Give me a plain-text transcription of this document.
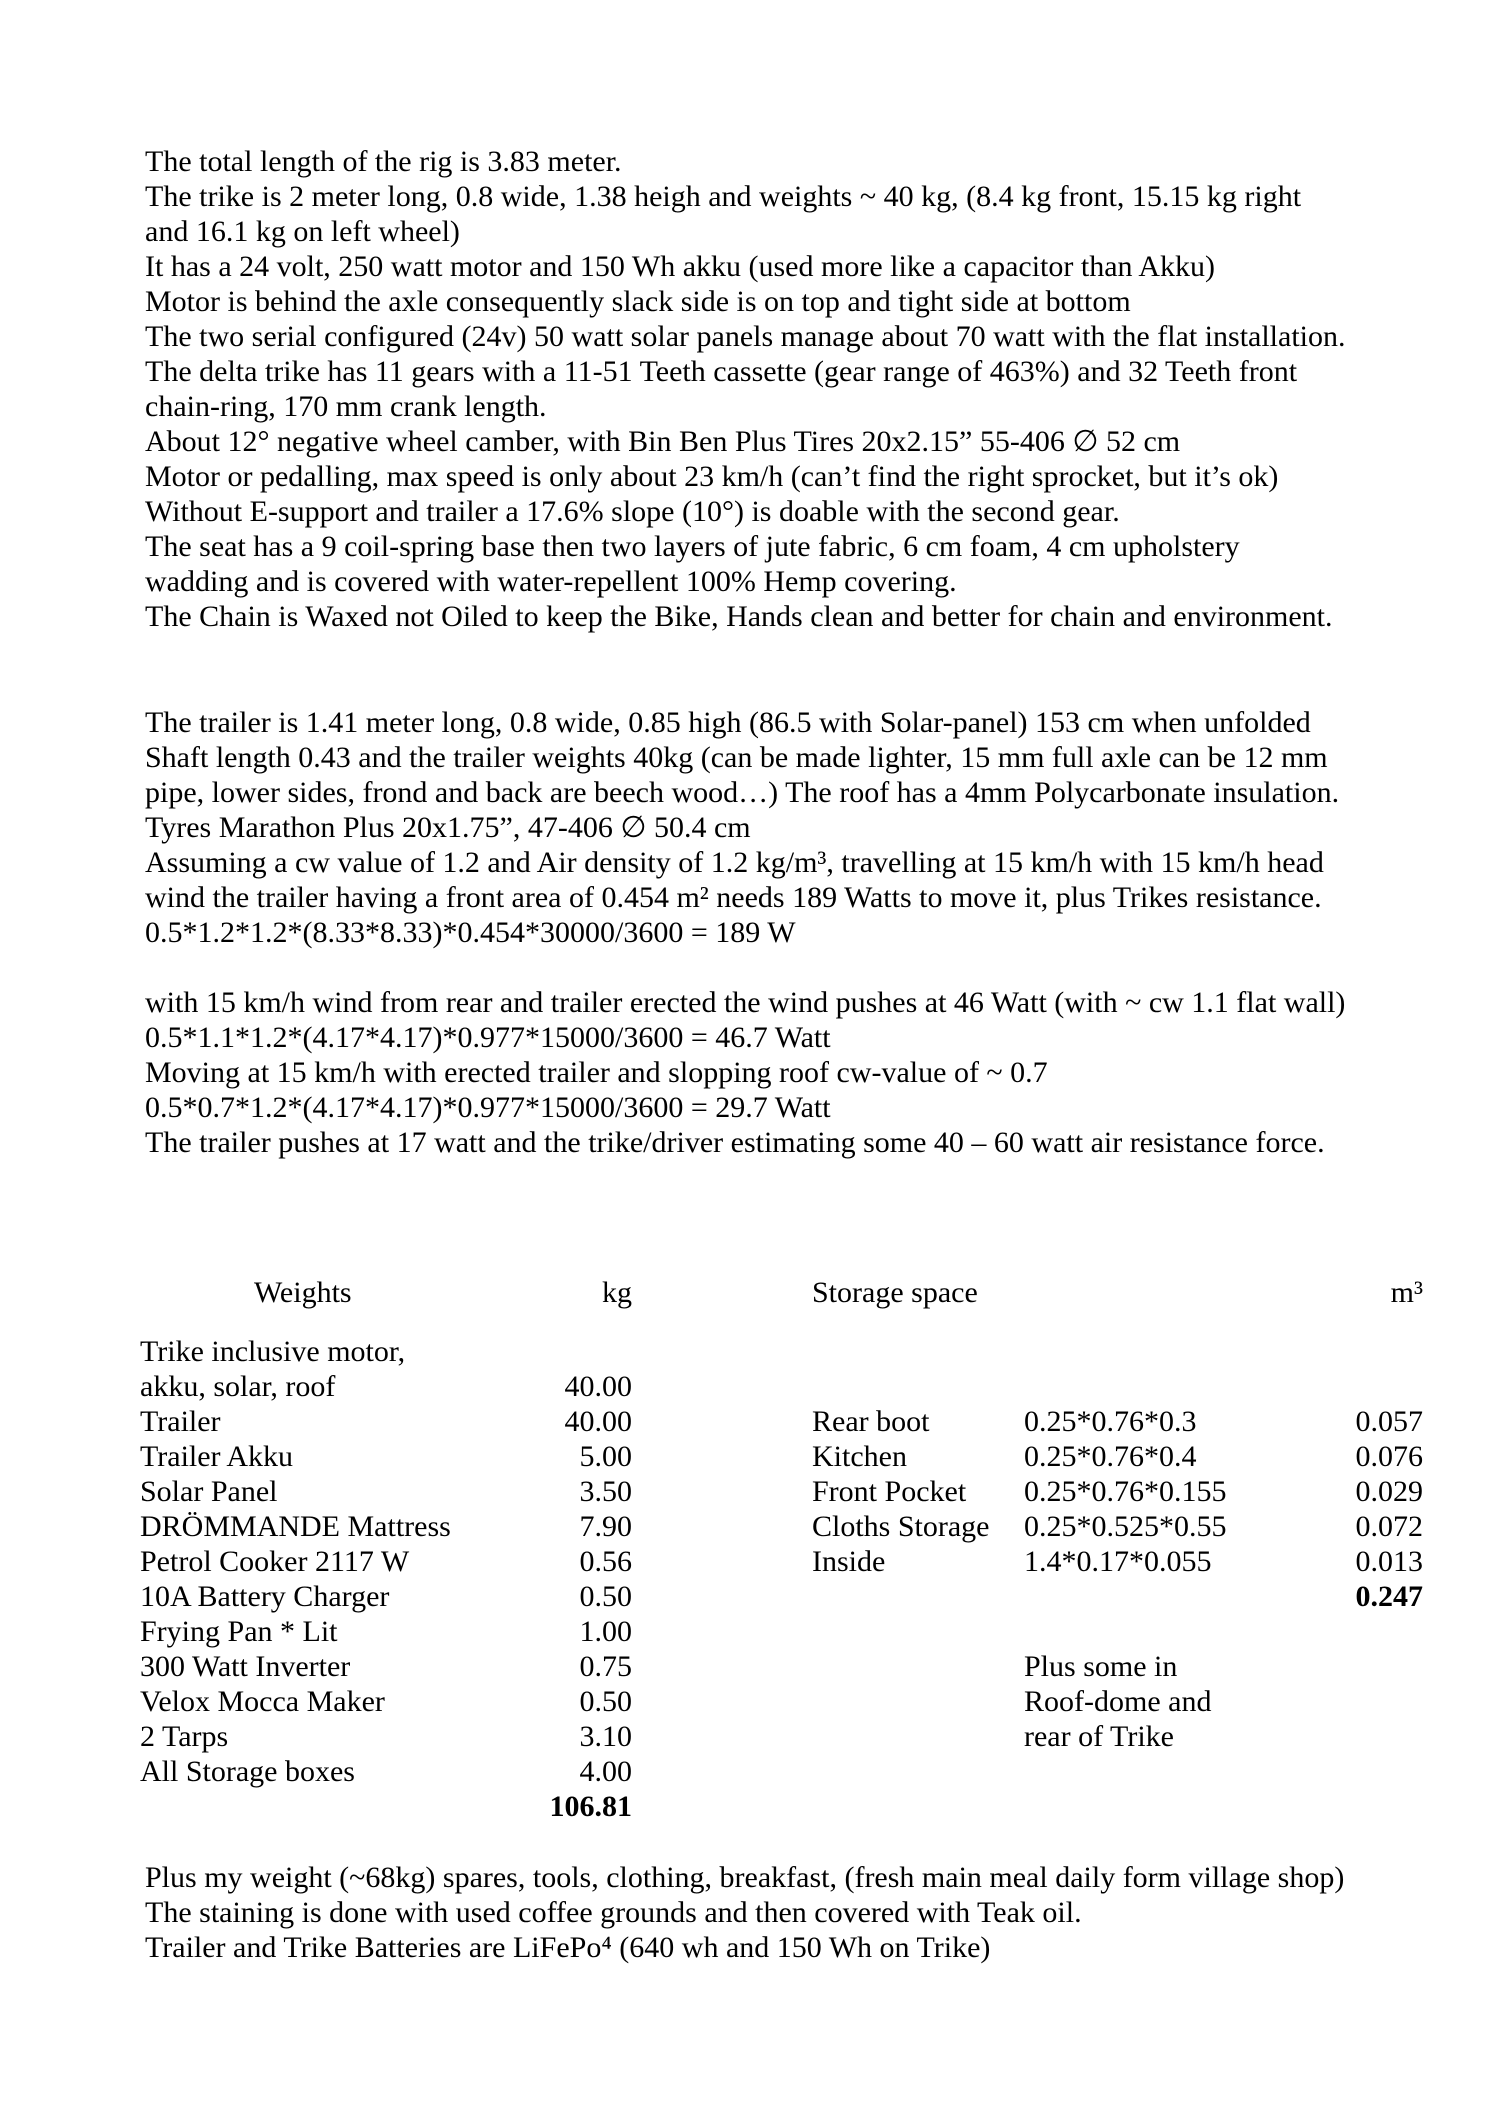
The total length of the rig is 3.83 meter.
The trike is 2 meter long, 0.8 wide, 1.38 heigh and weights ~ 40 kg, (8.4 kg front, 15.15 kg right
and 16.1 kg on left wheel)
It has a 24 volt, 250 watt motor and 150 Wh akku (used more like a capacitor than Akku)
Motor is behind the axle consequently slack side is on top and tight side at bottom
The two serial configured (24v) 50 watt solar panels manage about 70 watt with the flat installation.
The delta trike has 11 gears with a 11-51 Teeth cassette (gear range of 463%) and 32 Teeth front
chain-ring, 170 mm crank length.
About 12° negative wheel camber, with Bin Ben Plus Tires 20x2.15” 55-406 ∅ 52 cm
Motor or pedalling, max speed is only about 23 km/h (can’t find the right sprocket, but it’s ok)
Without E-support and trailer a 17.6% slope (10°) is doable with the second gear.
The seat has a 9 coil-spring base then two layers of jute fabric, 6 cm foam, 4 cm upholstery
wadding and is covered with water-repellent 100% Hemp covering.
The Chain is Waxed not Oiled to keep the Bike, Hands clean and better for chain and environment.
The trailer is 1.41 meter long, 0.8 wide, 0.85 high (86.5 with Solar-panel) 153 cm when unfolded
Shaft length 0.43 and the trailer weights 40kg (can be made lighter, 15 mm full axle can be 12 mm
pipe, lower sides, frond and back are beech wood…) The roof has a 4mm Polycarbonate insulation.
Tyres Marathon Plus 20x1.75”, 47-406 ∅ 50.4 cm
Assuming a cw value of 1.2 and Air density of 1.2 kg/m³, travelling at 15 km/h with 15 km/h head
wind the trailer having a front area of 0.454 m² needs 189 Watts to move it, plus Trikes resistance.
0.5*1.2*1.2*(8.33*8.33)*0.454*30000/3600 = 189 W
with 15 km/h wind from rear and trailer erected the wind pushes at 46 Watt (with ~ cw 1.1 flat wall)
0.5*1.1*1.2*(4.17*4.17)*0.977*15000/3600 = 46.7 Watt
Moving at 15 km/h with erected trailer and slopping roof cw-value of ~ 0.7
0.5*0.7*1.2*(4.17*4.17)*0.977*15000/3600 = 29.7 Watt
The trailer pushes at 17 watt and the trike/driver estimating some 40 – 60 watt air resistance force.
Weights	kg
Trike inclusive motor,
akku, solar, roof	40.00
Trailer	40.00
Trailer Akku	5.00
Solar Panel	3.50
DRÖMMANDE Mattress	7.90
Petrol Cooker 2117 W	0.56
10A Battery Charger	0.50
Frying Pan * Lit	1.00
300 Watt Inverter	0.75
Velox Mocca Maker	0.50
2 Tarps	3.10
All Storage boxes	4.00
106.81
Storage space	m³
Rear boot	0.25*0.76*0.3	0.057
Kitchen	0.25*0.76*0.4	0.076
Front Pocket 0.25*0.76*0.155	0.029
Cloths Storage 0.25*0.525*0.55	0.072
Inside	1.4*0.17*0.055	0.013
0.247
Plus some in
Roof-dome and
rear of Trike
Plus my weight (~68kg) spares, tools, clothing, breakfast, (fresh main meal daily form village shop)
The staining is done with used coffee grounds and then covered with Teak oil.
Trailer and Trike Batteries are LiFePo⁴ (640 wh and 150 Wh on Trike)
